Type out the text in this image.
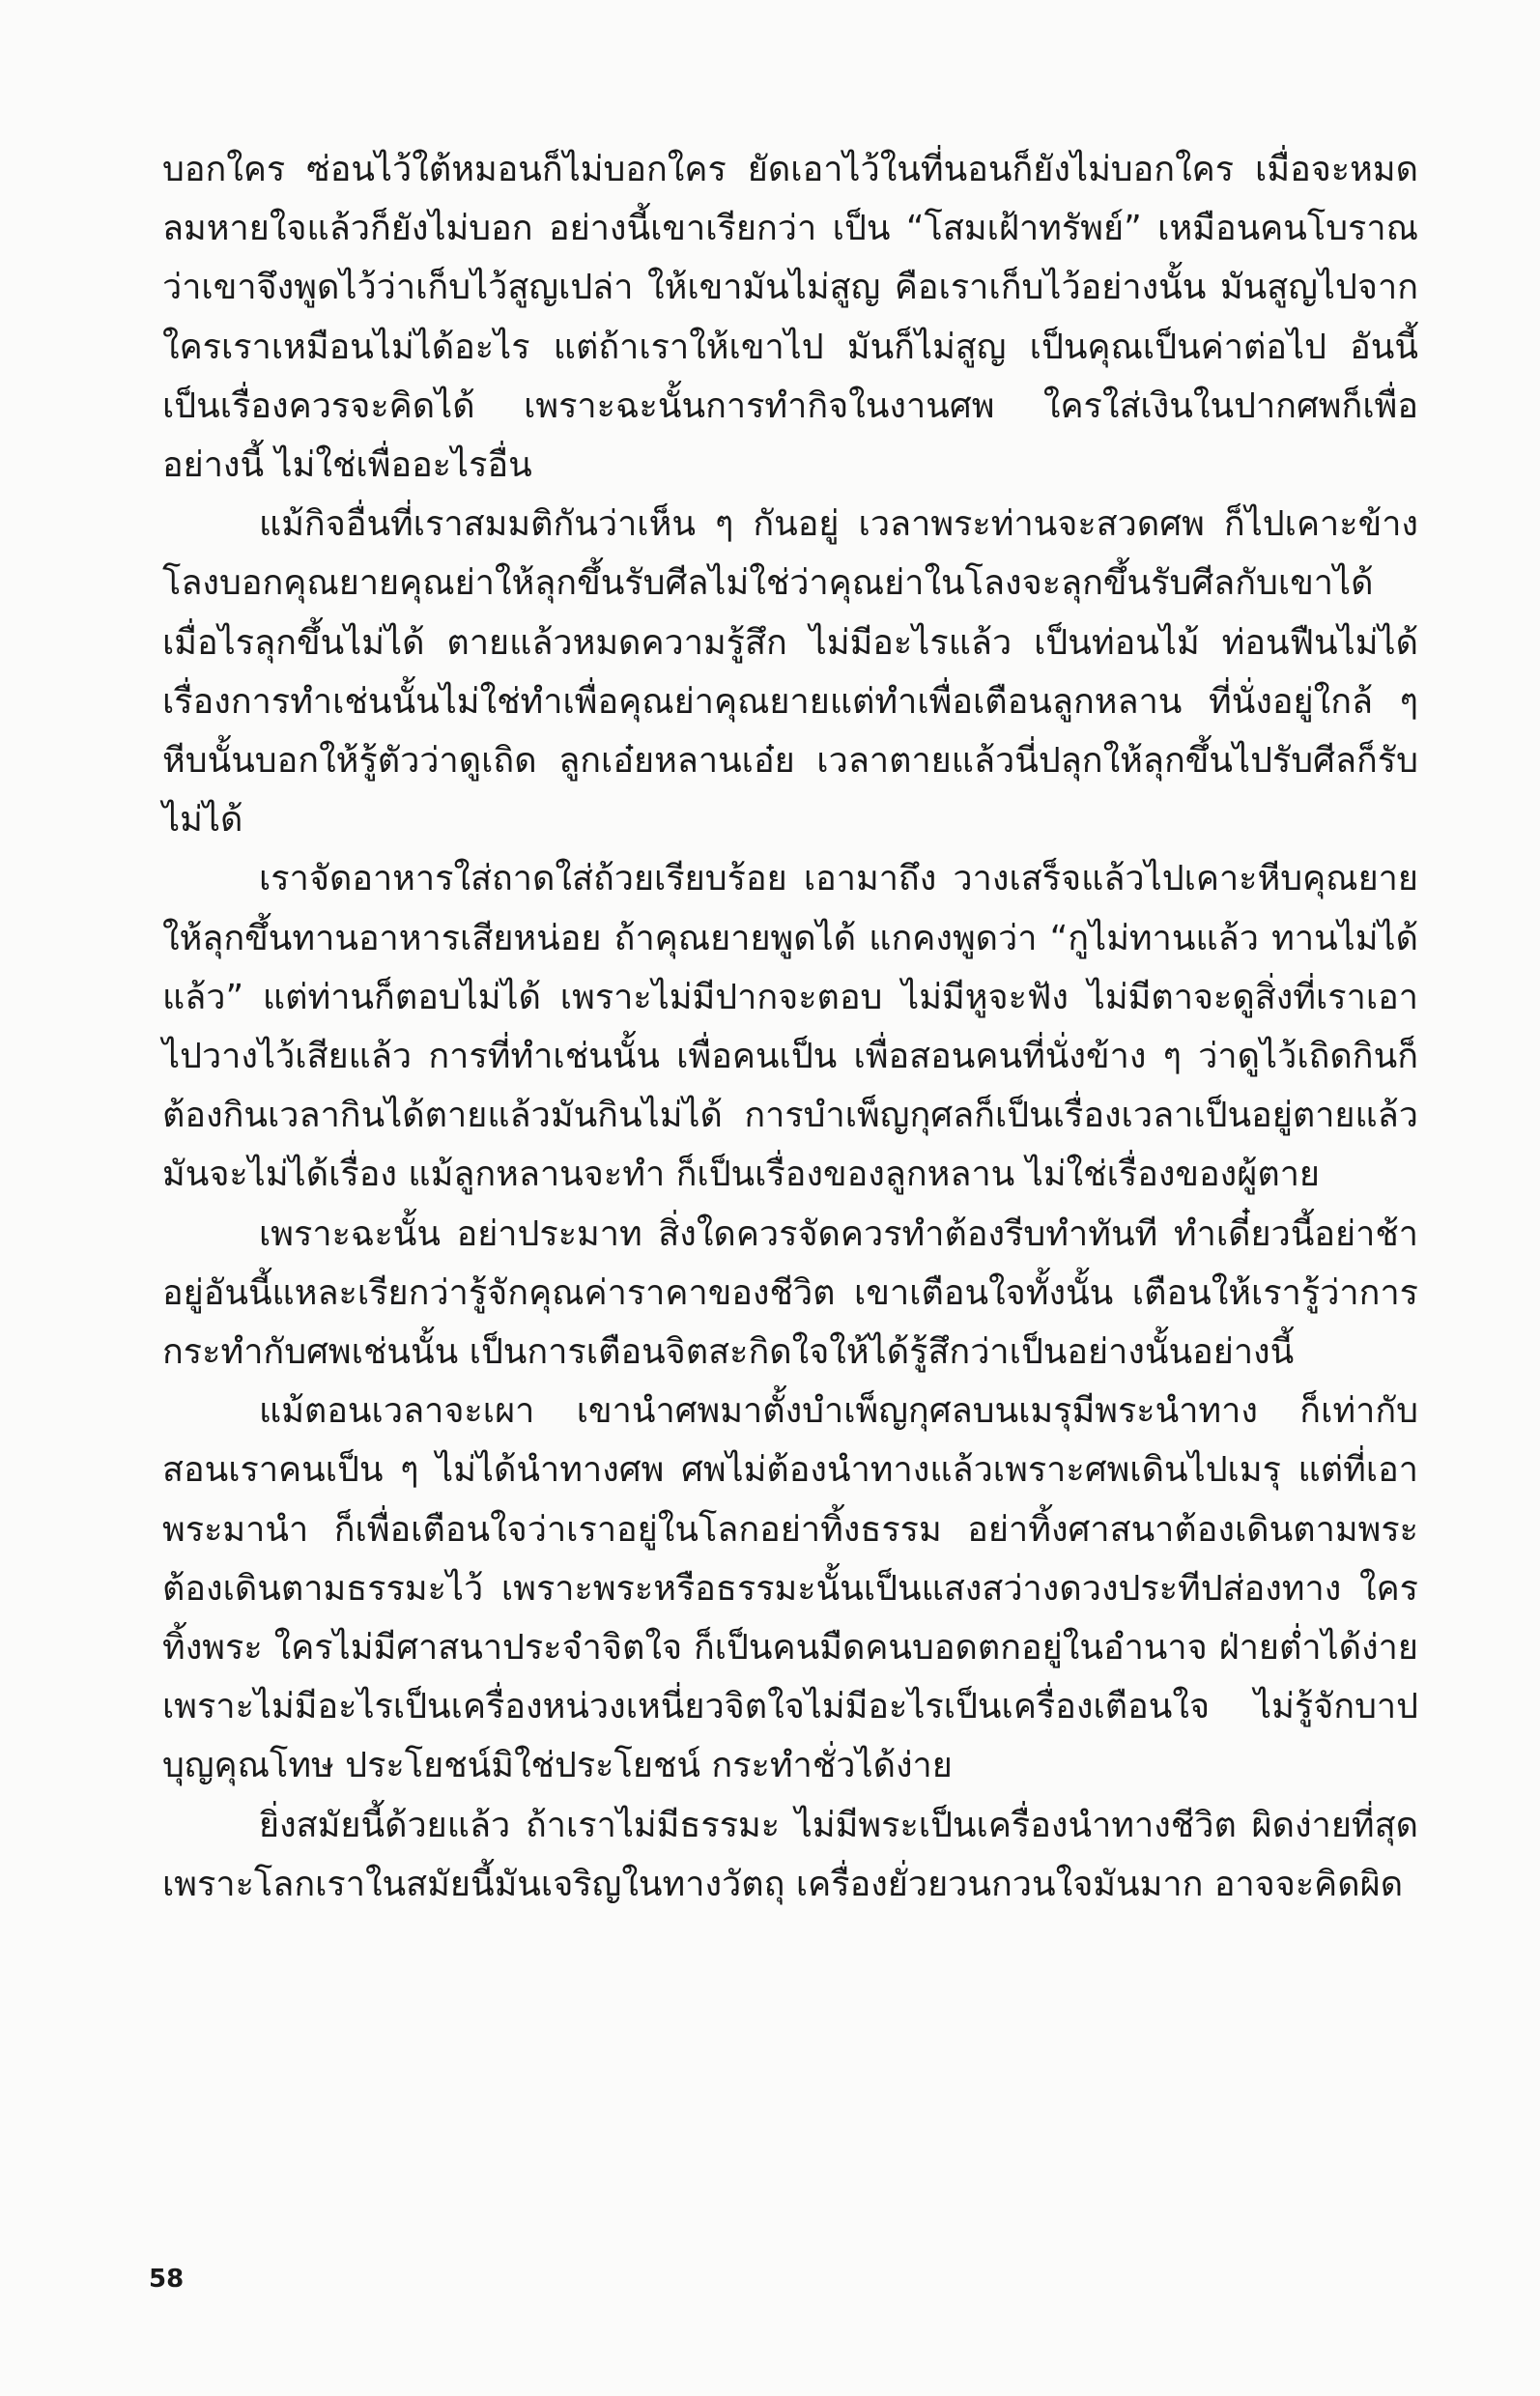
บอกใคร ซ่อนไว้ใต้หมอนก็ไม่บอกใคร ยัดเอาไว้ในที่นอนก็ยังไม่บอกใคร เมื่อจะหมดลมหายใจแล้วก็ยังไม่บอก อย่างนี้เขาเรียกว่า เป็น “โสมเฝ้าทรัพย์” เหมือนคนโบราณว่าเขาจึงพูดไว้ว่าเก็บไว้สูญเปล่า ให้เขามันไม่สูญ คือเราเก็บไว้อย่างนั้น มันสูญไปจากใครเราเหมือนไม่ได้อะไร แต่ถ้าเราให้เขาไป มันก็ไม่สูญ เป็นคุณเป็นค่าต่อไป อันนี้เป็นเรื่องควรจะคิดได้ เพราะฉะนั้นการทำกิจในงานศพ ใครใส่เงินในปากศพก็เพื่ออย่างนี้ ไม่ใช่เพื่ออะไรอื่น

แม้กิจอื่นที่เราสมมติกันว่าเห็น ๆ กันอยู่ เวลาพระท่านจะสวดศพ ก็ไปเคาะข้างโลงบอกคุณยายคุณย่าให้ลุกขึ้นรับศีลไม่ใช่ว่าคุณย่าในโลงจะลุกขึ้นรับศีลกับเขาได้เมื่อไรลุกขึ้นไม่ได้ ตายแล้วหมดความรู้สึก ไม่มีอะไรแล้ว เป็นท่อนไม้ ท่อนฟืนไม่ได้เรื่องการทำเช่นนั้นไม่ใช่ทำเพื่อคุณย่าคุณยายแต่ทำเพื่อเตือนลูกหลาน ที่นั่งอยู่ใกล้ ๆ หีบนั้นบอกให้รู้ตัวว่าดูเถิด ลูกเอ๋ยหลานเอ๋ย เวลาตายแล้วนี่ปลุกให้ลุกขึ้นไปรับศีลก็รับไม่ได้

เราจัดอาหารใส่ถาดใส่ถ้วยเรียบร้อย เอามาถึง วางเสร็จแล้วไปเคาะหีบคุณยายให้ลุกขึ้นทานอาหารเสียหน่อย ถ้าคุณยายพูดได้ แกคงพูดว่า “กูไม่ทานแล้ว ทานไม่ได้แล้ว” แต่ท่านก็ตอบไม่ได้ เพราะไม่มีปากจะตอบ ไม่มีหูจะฟัง ไม่มีตาจะดูสิ่งที่เราเอาไปวางไว้เสียแล้ว การที่ทำเช่นนั้น เพื่อคนเป็น เพื่อสอนคนที่นั่งข้าง ๆ ว่าดูไว้เถิดกินก็ต้องกินเวลากินได้ตายแล้วมันกินไม่ได้ การบำเพ็ญกุศลก็เป็นเรื่องเวลาเป็นอยู่ตายแล้วมันจะไม่ได้เรื่อง แม้ลูกหลานจะทำ ก็เป็นเรื่องของลูกหลาน ไม่ใช่เรื่องของผู้ตาย

เพราะฉะนั้น อย่าประมาท สิ่งใดควรจัดควรทำต้องรีบทำทันที ทำเดี๋ยวนี้อย่าช้าอยู่อันนี้แหละเรียกว่ารู้จักคุณค่าราคาของชีวิต เขาเตือนใจทั้งนั้น เตือนให้เรารู้ว่าการกระทำกับศพเช่นนั้น เป็นการเตือนจิตสะกิดใจให้ได้รู้สึกว่าเป็นอย่างนั้นอย่างนี้

แม้ตอนเวลาจะเผา เขานำศพมาตั้งบำเพ็ญกุศลบนเมรุมีพระนำทาง ก็เท่ากับสอนเราคนเป็น ๆ ไม่ได้นำทางศพ ศพไม่ต้องนำทางแล้วเพราะศพเดินไปเมรุ แต่ที่เอาพระมานำ ก็เพื่อเตือนใจว่าเราอยู่ในโลกอย่าทิ้งธรรม อย่าทิ้งศาสนาต้องเดินตามพระต้องเดินตามธรรมะไว้ เพราะพระหรือธรรมะนั้นเป็นแสงสว่างดวงประทีปส่องทาง ใครทิ้งพระ ใครไม่มีศาสนาประจำจิตใจ ก็เป็นคนมืดคนบอดตกอยู่ในอำนาจ ฝ่ายต่ำได้ง่ายเพราะไม่มีอะไรเป็นเครื่องหน่วงเหนี่ยวจิตใจไม่มีอะไรเป็นเครื่องเตือนใจ ไม่รู้จักบาปบุญคุณโทษ ประโยชน์มิใช่ประโยชน์ กระทำชั่วได้ง่าย

ยิ่งสมัยนี้ด้วยแล้ว ถ้าเราไม่มีธรรมะ ไม่มีพระเป็นเครื่องนำทางชีวิต ผิดง่ายที่สุดเพราะโลกเราในสมัยนี้มันเจริญในทางวัตถุ เครื่องยั่วยวนกวนใจมันมาก อาจจะคิดผิด

58
